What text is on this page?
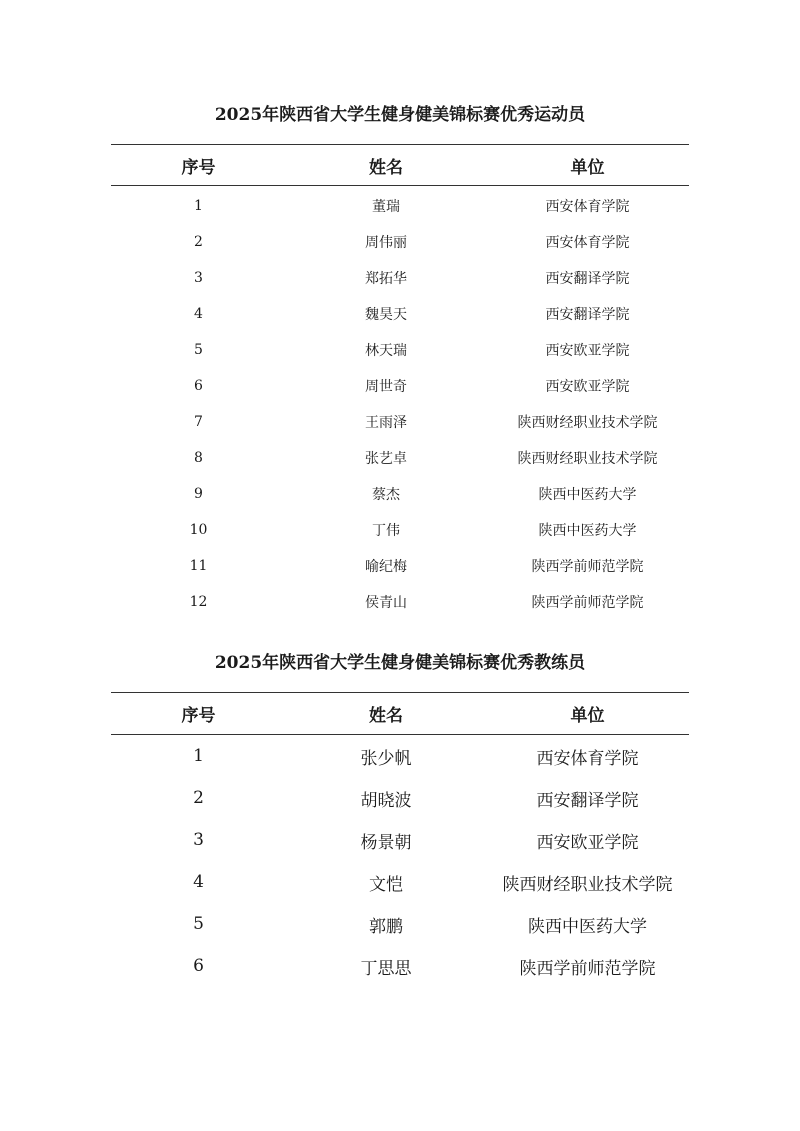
2025年陕西省大学生健身健美锦标赛优秀运动员
序号	姓名	单位
1	董瑞	西安体育学院
2	周伟丽	西安体育学院
3	郑拓华	西安翻译学院
4	魏昊天	西安翻译学院
5	林天瑞	西安欧亚学院
6	周世奇	西安欧亚学院
7	王雨泽	陕西财经职业技术学院
8	张艺卓	陕西财经职业技术学院
9	蔡杰	陕西中医药大学
10	丁伟	陕西中医药大学
11	喻纪梅	陕西学前师范学院
12	侯青山	陕西学前师范学院
2025年陕西省大学生健身健美锦标赛优秀教练员
序号	姓名	单位
1	张少帆	西安体育学院
2	胡晓波	西安翻译学院
3	杨景朝	西安欧亚学院
4	文恺	陕西财经职业技术学院
5	郭鹏	陕西中医药大学
6	丁思思	陕西学前师范学院
